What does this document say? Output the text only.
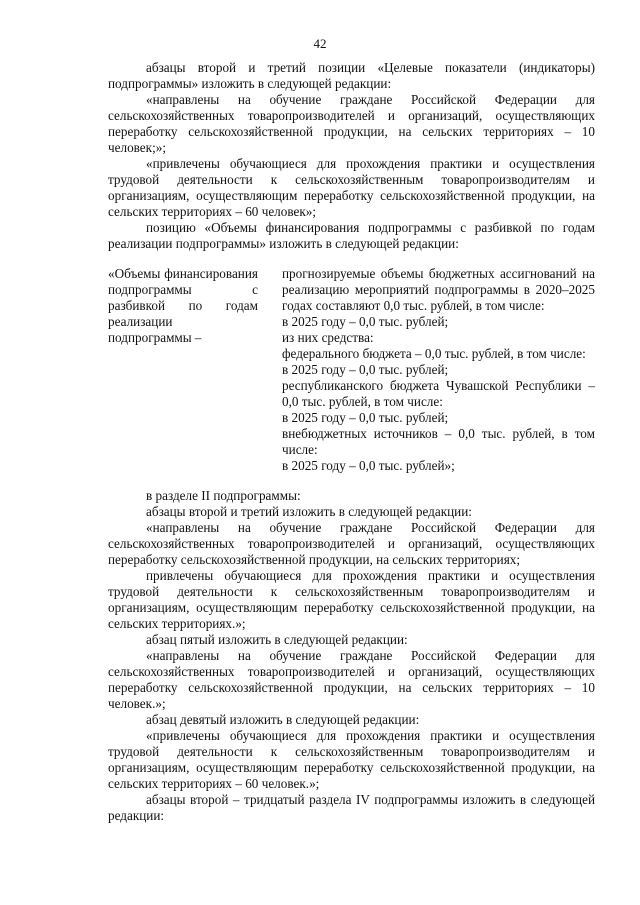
42

абзацы второй и третий позиции «Целевые показатели (индикаторы) подпрограммы» изложить в следующей редакции:

«направлены на обучение граждане Российской Федерации для сельскохозяйственных товаропроизводителей и организаций, осуществляющих переработку сельскохозяйственной продукции, на сельских территориях – 10 человек;»;

«привлечены обучающиеся для прохождения практики и осуществления трудовой деятельности к сельскохозяйственным товаропроизводителям и организациям, осуществляющим переработку сельскохозяйственной продукции, на сельских территориях – 60 человек»;

позицию «Объемы финансирования подпрограммы с разбивкой по годам реализации подпрограммы» изложить в следующей редакции:

«Объемы финансирования подпрограммы с разбивкой по годам реализации подпрограммы –
прогнозируемые объемы бюджетных ассигнований на реализацию мероприятий подпрограммы в 2020–2025 годах составляют 0,0 тыс. рублей, в том числе:
в 2025 году – 0,0 тыс. рублей;
из них средства:
федерального бюджета – 0,0 тыс. рублей, в том числе:
в 2025 году – 0,0 тыс. рублей;
республиканского бюджета Чувашской Республики – 0,0 тыс. рублей, в том числе:
в 2025 году – 0,0 тыс. рублей;
внебюджетных источников – 0,0 тыс. рублей, в том числе:
в 2025 году – 0,0 тыс. рублей»;

в разделе II подпрограммы:

абзацы второй и третий изложить в следующей редакции:

«направлены на обучение граждане Российской Федерации для сельскохозяйственных товаропроизводителей и организаций, осуществляющих переработку сельскохозяйственной продукции, на сельских территориях;

привлечены обучающиеся для прохождения практики и осуществления трудовой деятельности к сельскохозяйственным товаропроизводителям и организациям, осуществляющим переработку сельскохозяйственной продукции, на сельских территориях.»;

абзац пятый изложить в следующей редакции:

«направлены на обучение граждане Российской Федерации для сельскохозяйственных товаропроизводителей и организаций, осуществляющих переработку сельскохозяйственной продукции, на сельских территориях – 10 человек.»;

абзац девятый изложить в следующей редакции:

«привлечены обучающиеся для прохождения практики и осуществления трудовой деятельности к сельскохозяйственным товаропроизводителям и организациям, осуществляющим переработку сельскохозяйственной продукции, на сельских территориях – 60 человек.»;

абзацы второй – тридцатый раздела IV подпрограммы изложить в следующей редакции:
